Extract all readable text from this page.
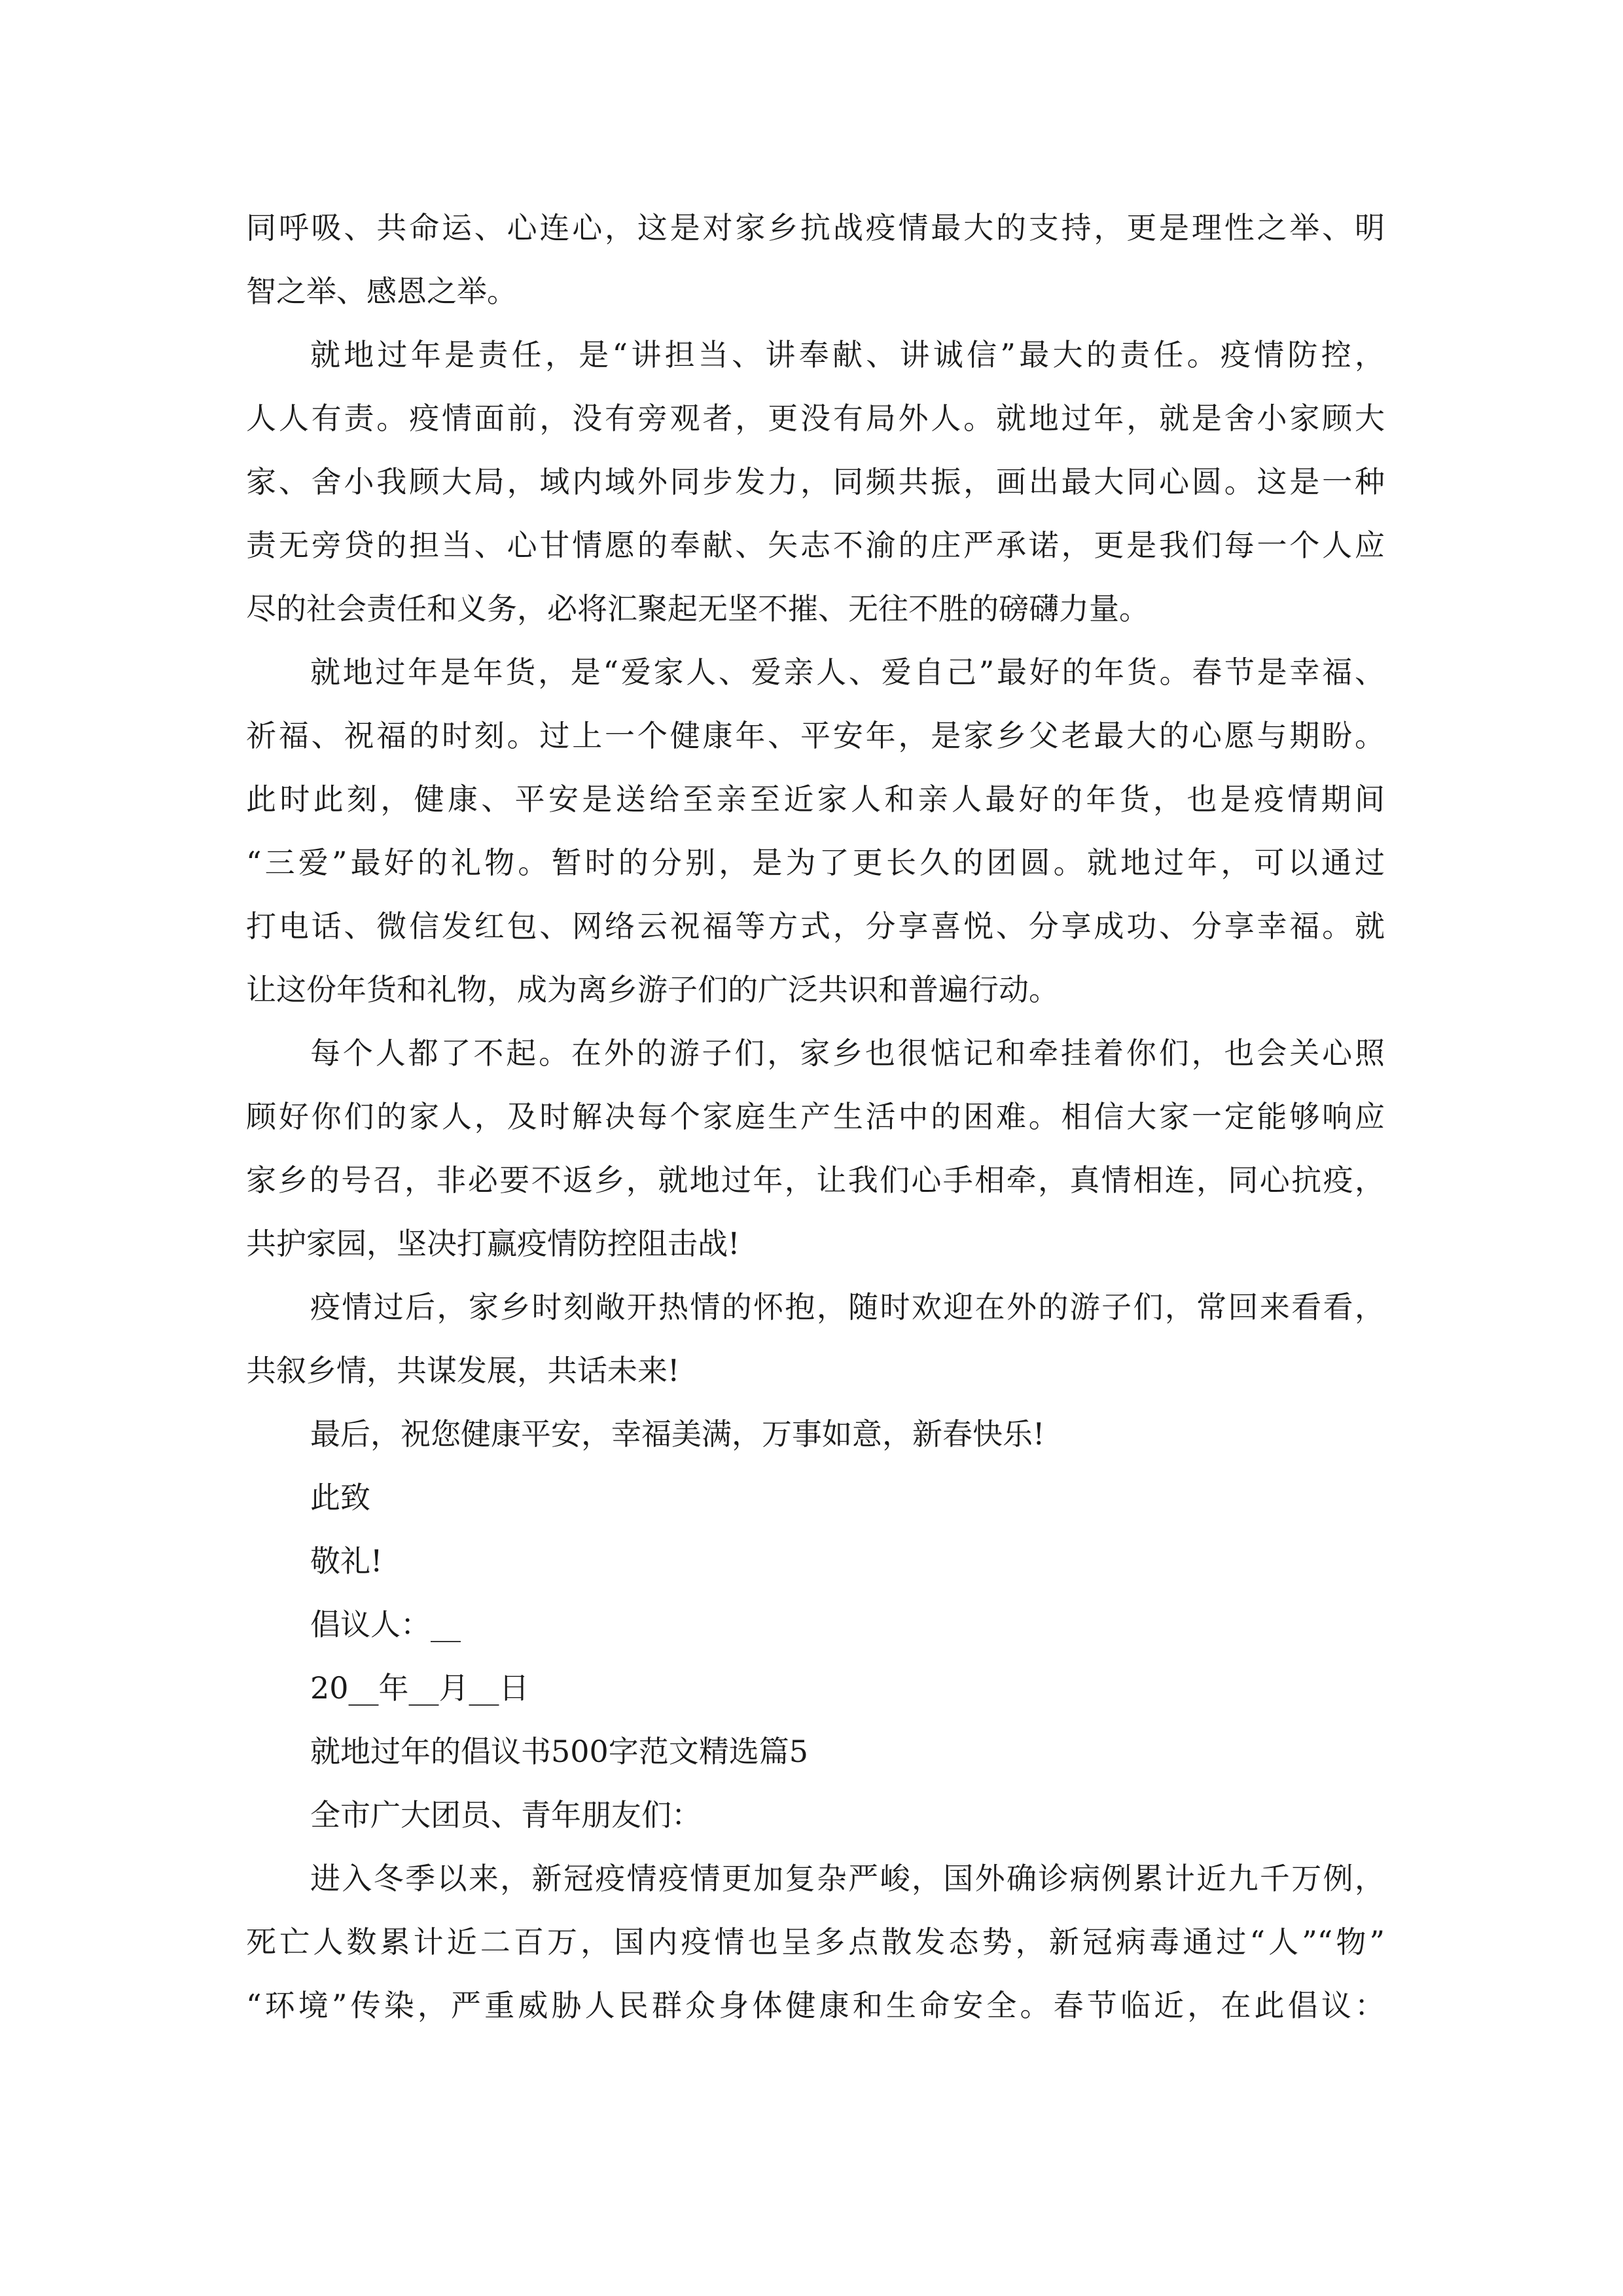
同呼吸、共命运、心连心，这是对家乡抗战疫情最大的支持，更是理性之举、明
智之举、感恩之举。
就地过年是责任，是“讲担当、讲奉献、讲诚信”最大的责任。疫情防控，
人人有责。疫情面前，没有旁观者，更没有局外人。就地过年，就是舍小家顾大
家、舍小我顾大局，域内域外同步发力，同频共振，画出最大同心圆。这是一种
责无旁贷的担当、心甘情愿的奉献、矢志不渝的庄严承诺，更是我们每一个人应
尽的社会责任和义务，必将汇聚起无坚不摧、无往不胜的磅礴力量。
就地过年是年货，是“爱家人、爱亲人、爱自己”最好的年货。春节是幸福、
祈福、祝福的时刻。过上一个健康年、平安年，是家乡父老最大的心愿与期盼。
此时此刻，健康、平安是送给至亲至近家人和亲人最好的年货，也是疫情期间
“三爱”最好的礼物。暂时的分别，是为了更长久的团圆。就地过年，可以通过
打电话、微信发红包、网络云祝福等方式，分享喜悦、分享成功、分享幸福。就
让这份年货和礼物，成为离乡游子们的广泛共识和普遍行动。
每个人都了不起。在外的游子们，家乡也很惦记和牵挂着你们，也会关心照
顾好你们的家人，及时解决每个家庭生产生活中的困难。相信大家一定能够响应
家乡的号召，非必要不返乡，就地过年，让我们心手相牵，真情相连，同心抗疫，
共护家园，坚决打赢疫情防控阻击战!
疫情过后，家乡时刻敞开热情的怀抱，随时欢迎在外的游子们，常回来看看，
共叙乡情，共谋发展，共话未来!
最后，祝您健康平安，幸福美满，万事如意，新春快乐!
此致
敬礼!
倡议人：__
20__年__月__日
就地过年的倡议书500字范文精选篇5
全市广大团员、青年朋友们：
进入冬季以来，新冠疫情疫情更加复杂严峻，国外确诊病例累计近九千万例，
死亡人数累计近二百万，国内疫情也呈多点散发态势，新冠病毒通过“人”“物”
“环境”传染，严重威胁人民群众身体健康和生命安全。春节临近，在此倡议：
